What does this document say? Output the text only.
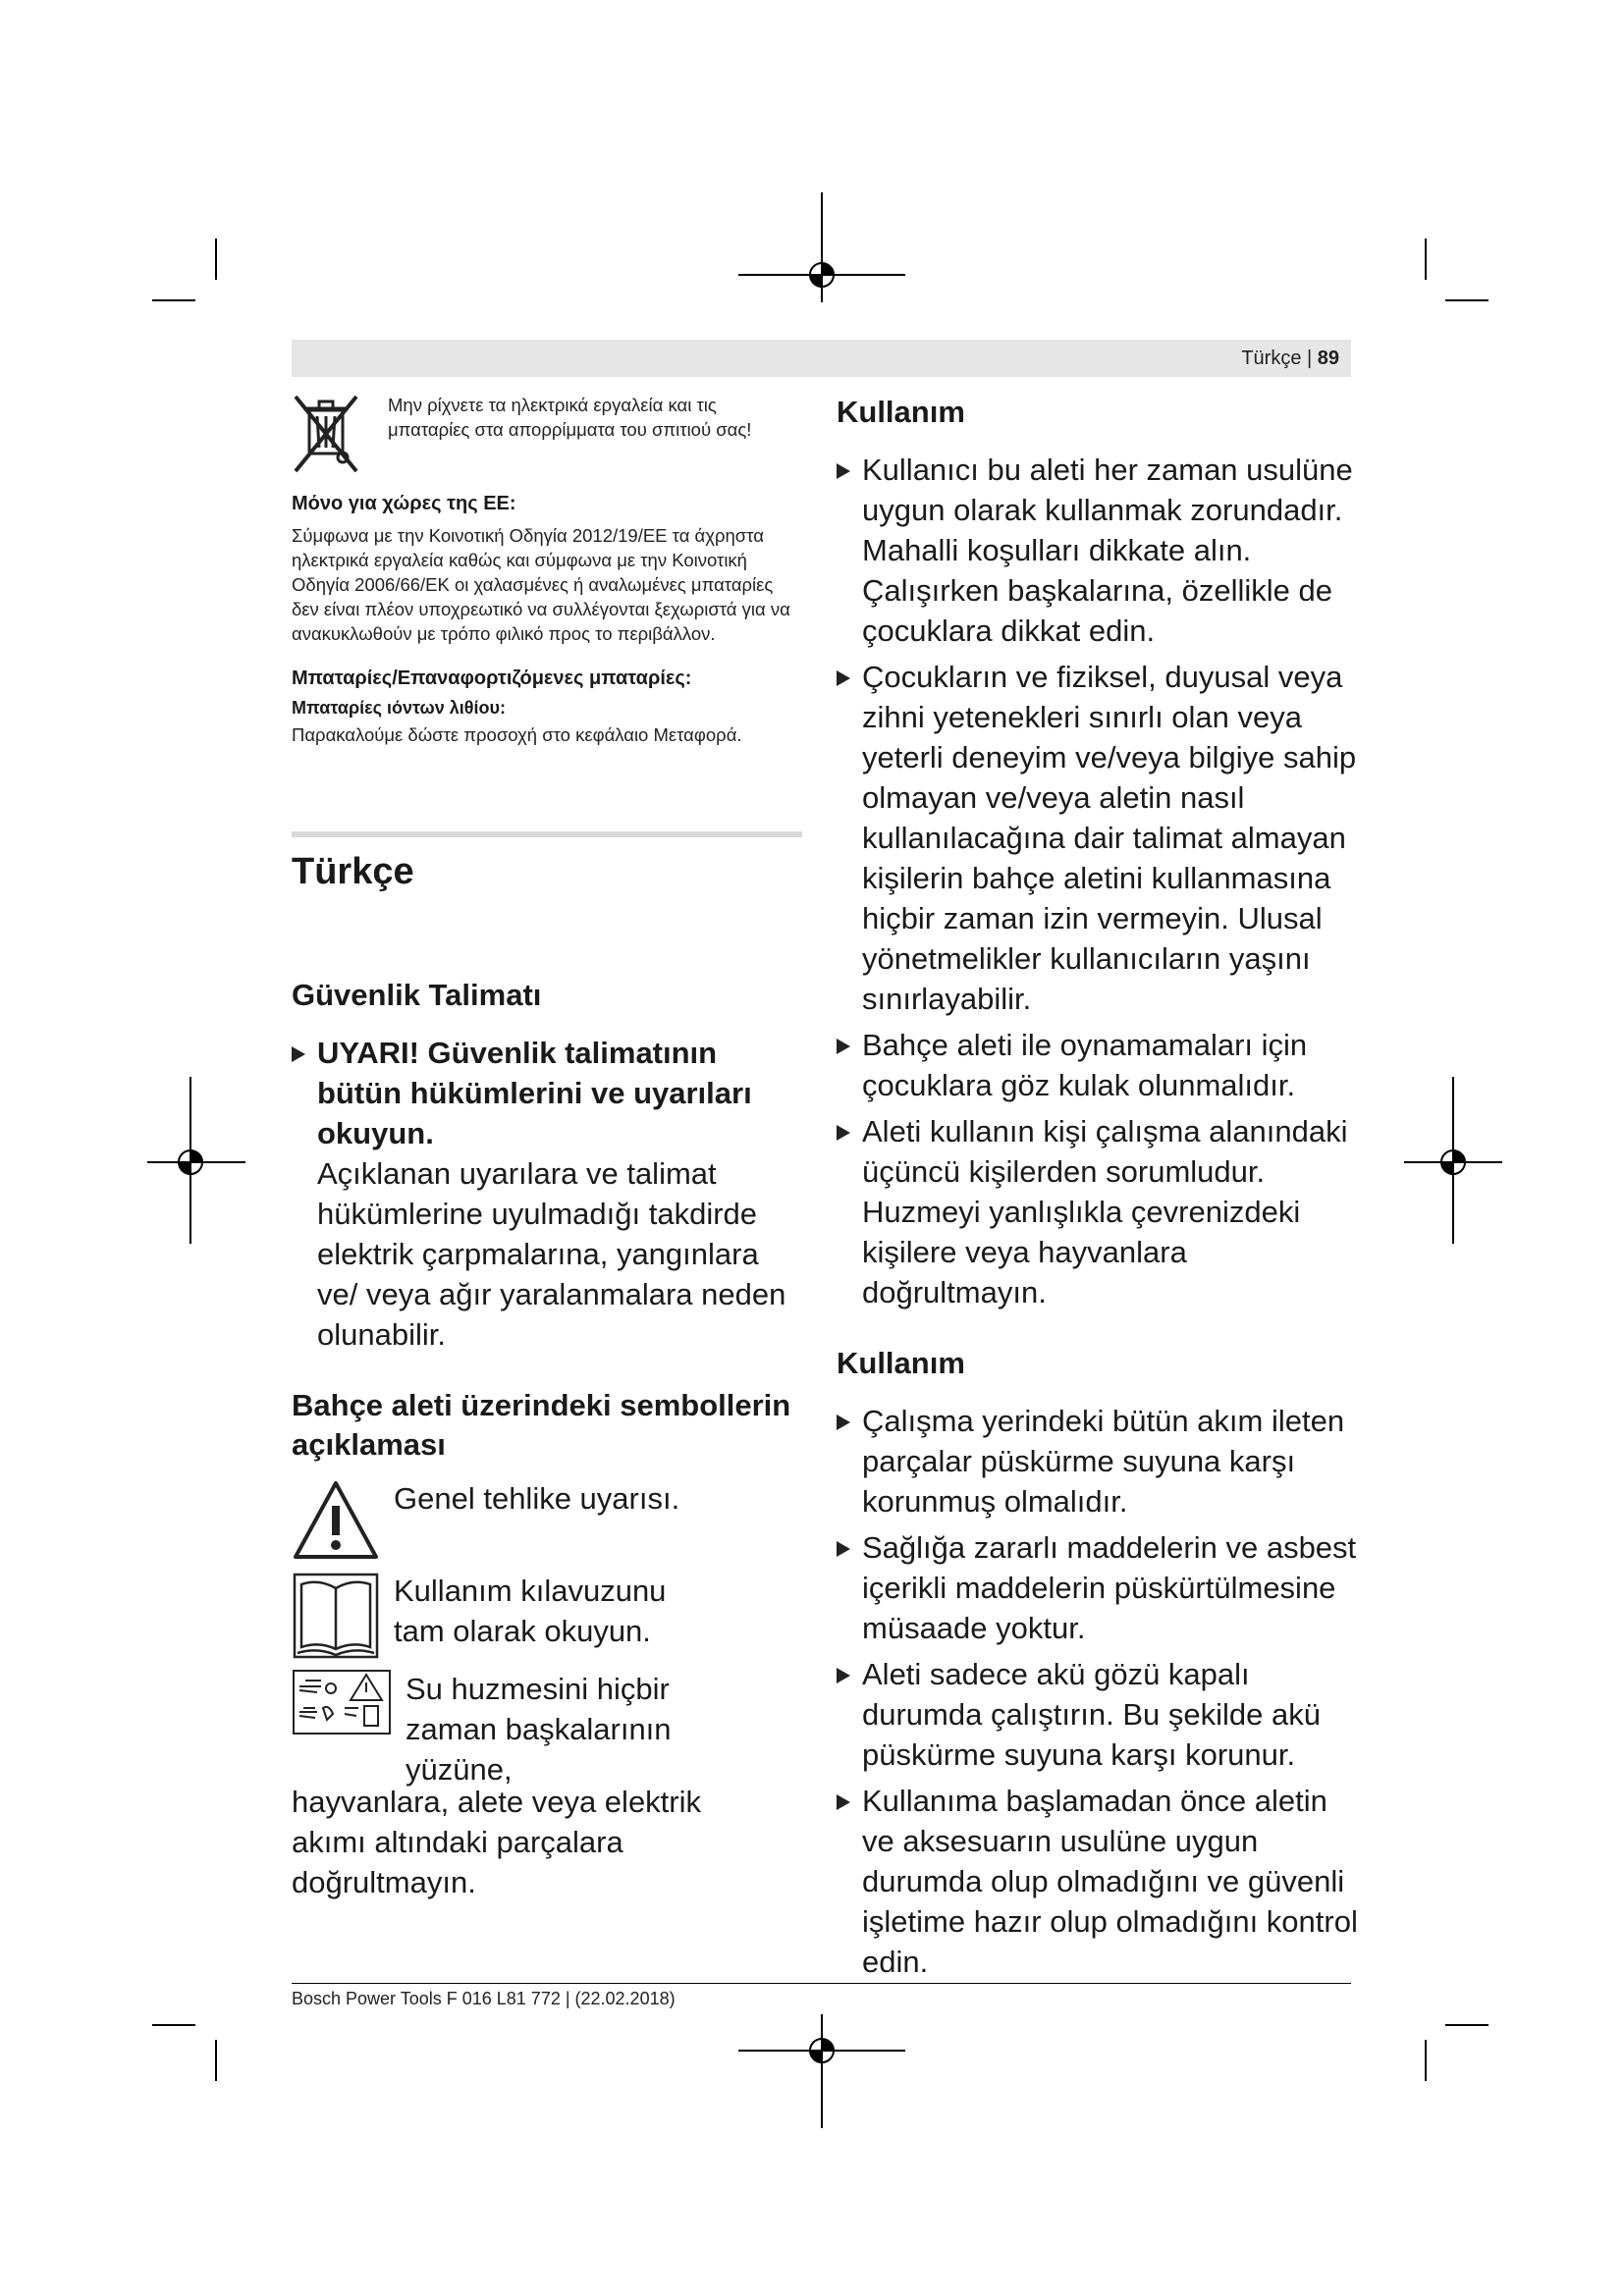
Türkçe | 89
Μην ρίχνετε τα ηλεκτρικά εργαλεία και τις μπαταρίες στα απορρίμματα του σπιτιού σας!

Μόνο για χώρες της ΕΕ:

Σύμφωνα με την Κοινοτική Οδηγία 2012/19/ΕΕ τα άχρηστα ηλεκτρικά εργαλεία καθώς και σύμφωνα με την Κοινοτική Οδηγία 2006/66/ΕΚ οι χαλασμένες ή αναλωμένες μπαταρίες δεν είναι πλέον υποχρεωτικό να συλλέγονται ξεχωριστά για να ανακυκλωθούν με τρόπο φιλικό προς το περιβάλλον.

Μπαταρίες/Επαναφορτιζόμενες μπαταρίες:

Μπαταρίες ιόντων λιθίου:

Παρακαλούμε δώστε προσοχή στο κεφάλαιο Μεταφορά.

Türkçe

Güvenlik Talimatı

UYARI! Güvenlik talimatının bütün hükümlerini ve uyarıları okuyun.
Açıklanan uyarılara ve talimat hükümlerine uyulmadığı takdirde elektrik çarpmalarına, yangınlara ve/ veya ağır yaralanmalara neden olunabilir.

Bahçe aleti üzerindeki sembollerin açıklaması

Genel tehlike uyarısı.
Kullanım kılavuzunu tam olarak okuyun.
Su huzmesini hiçbir zaman başkalarının yüzüne,
hayvanlara, alete veya elektrik akımı altındaki parçalara doğrultmayın.

Kullanım

Kullanıcı bu aleti her zaman usulüne uygun olarak kullanmak zorundadır. Mahalli koşulları dikkate alın. Çalışırken başkalarına, özellikle de çocuklara dikkat edin.
Çocukların ve fiziksel, duyusal veya zihni yetenekleri sınırlı olan veya yeterli deneyim ve/veya bilgiye sahip olmayan ve/veya aletin nasıl kullanılacağına dair talimat almayan kişilerin bahçe aletini kullanmasına hiçbir zaman izin vermeyin. Ulusal yönetmelikler kullanıcıların yaşını sınırlayabilir.
Bahçe aleti ile oynamamaları için çocuklara göz kulak olunmalıdır.
Aleti kullanın kişi çalışma alanındaki üçüncü kişilerden sorumludur. Huzmeyi yanlışlıkla çevrenizdeki kişilere veya hayvanlara doğrultmayın.

Kullanım

Çalışma yerindeki bütün akım ileten parçalar püskürme suyuna karşı korunmuş olmalıdır.
Sağlığa zararlı maddelerin ve asbest içerikli maddelerin püskürtülmesine müsaade yoktur.
Aleti sadece akü gözü kapalı durumda çalıştırın. Bu şekilde akü püskürme suyuna karşı korunur.
Kullanıma başlamadan önce aletin ve aksesuarın usulüne uygun durumda olup olmadığını ve güvenli işletime hazır olup olmadığını kontrol edin.
Bosch Power Tools F 016 L81 772 | (22.02.2018)
